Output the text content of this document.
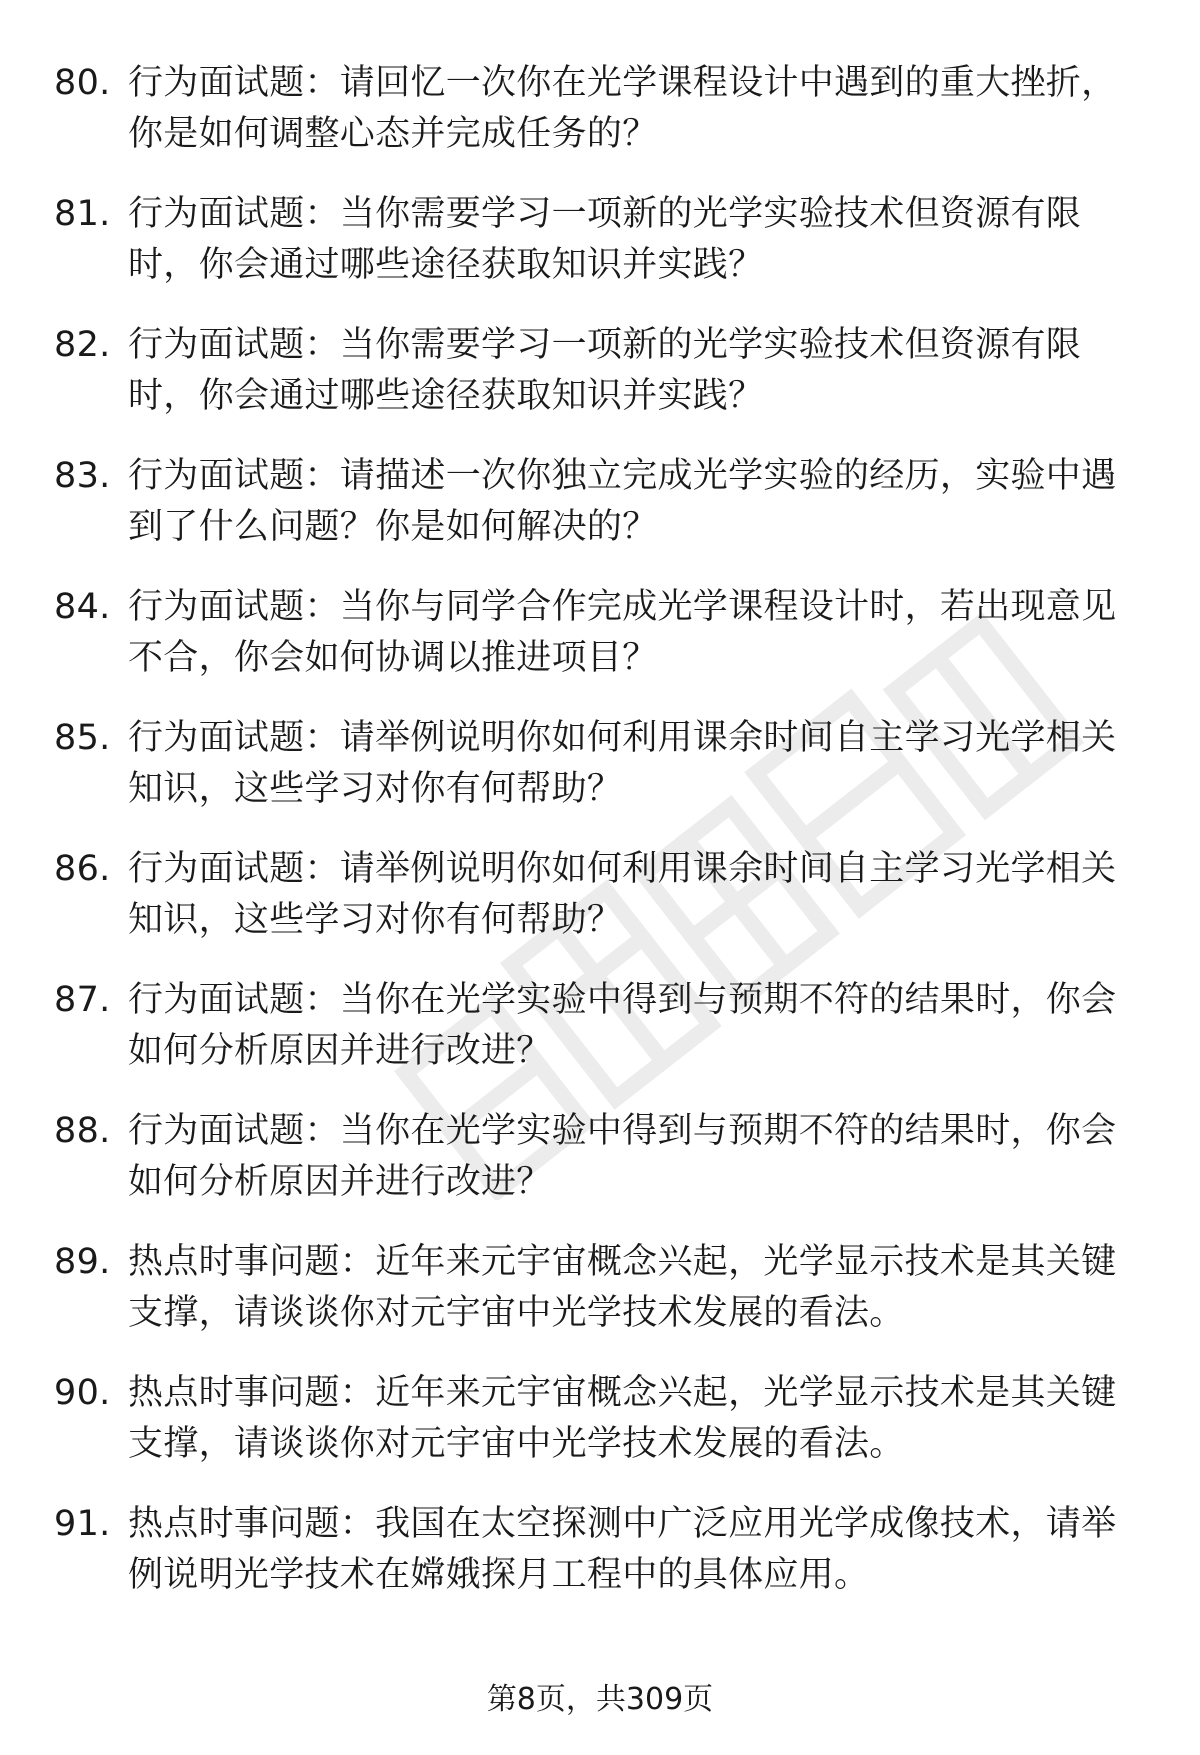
80. 行为面试题：请回忆一次你在光学课程设计中遇到的重大挫折，
你是如何调整心态并完成任务的？
81. 行为面试题：当你需要学习一项新的光学实验技术但资源有限
时，你会通过哪些途径获取知识并实践？
82. 行为面试题：当你需要学习一项新的光学实验技术但资源有限
时，你会通过哪些途径获取知识并实践？
83. 行为面试题：请描述一次你独立完成光学实验的经历，实验中遇
到了什么问题？你是如何解决的？
84. 行为面试题：当你与同学合作完成光学课程设计时，若出现意见
不合，你会如何协调以推进项目？
85. 行为面试题：请举例说明你如何利用课余时间自主学习光学相关
知识，这些学习对你有何帮助？
86. 行为面试题：请举例说明你如何利用课余时间自主学习光学相关
知识，这些学习对你有何帮助？
87. 行为面试题：当你在光学实验中得到与预期不符的结果时，你会
如何分析原因并进行改进？
88. 行为面试题：当你在光学实验中得到与预期不符的结果时，你会
如何分析原因并进行改进？
89. 热点时事问题：近年来元宇宙概念兴起，光学显示技术是其关键
支撑，请谈谈你对元宇宙中光学技术发展的看法。
90. 热点时事问题：近年来元宇宙概念兴起，光学显示技术是其关键
支撑，请谈谈你对元宇宙中光学技术发展的看法。
91. 热点时事问题：我国在太空探测中广泛应用光学成像技术，请举
例说明光学技术在嫦娥探月工程中的具体应用。
第8页，共309页
